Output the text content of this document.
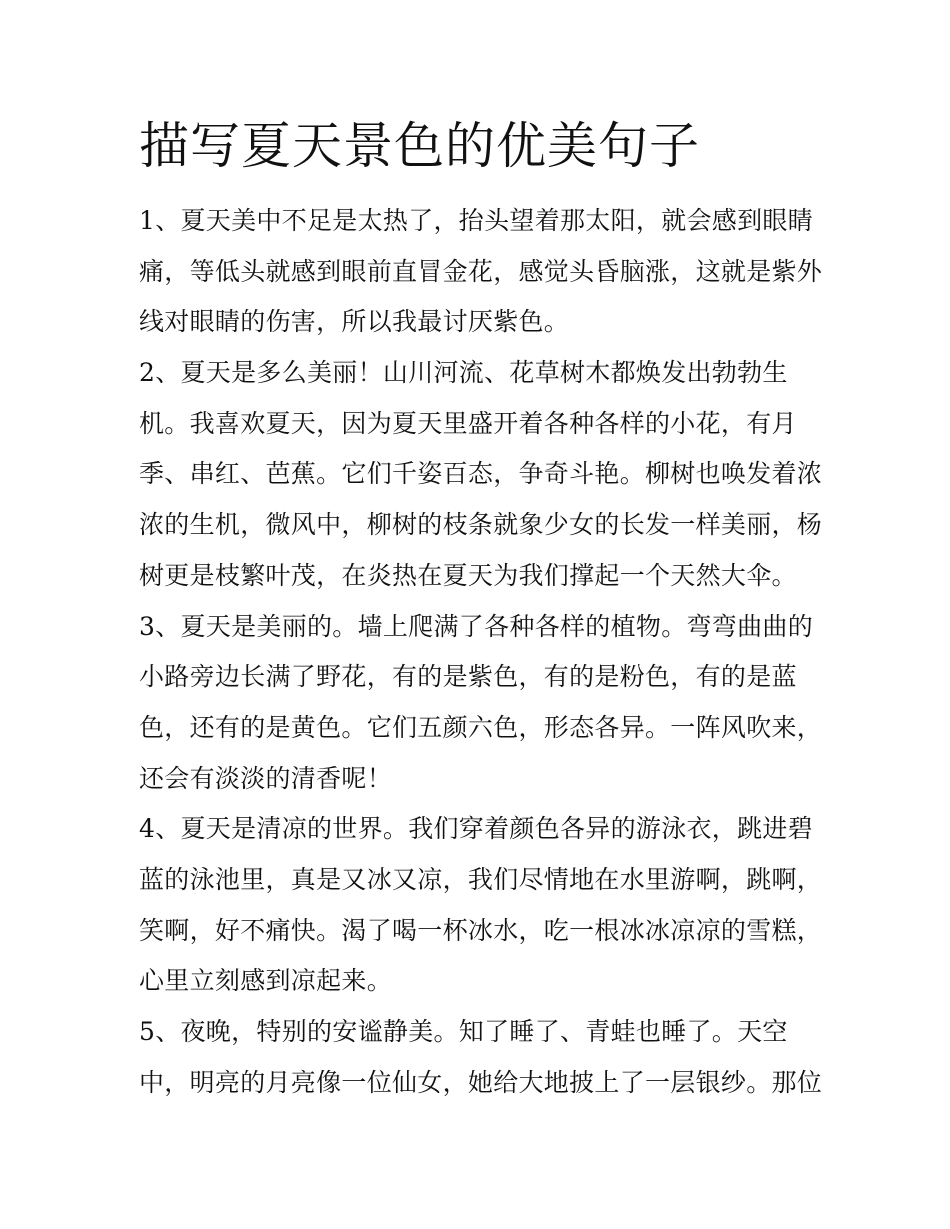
描写夏天景色的优美句子
1、夏天美中不足是太热了，抬头望着那太阳，就会感到眼睛
痛，等低头就感到眼前直冒金花，感觉头昏脑涨，这就是紫外
线对眼睛的伤害，所以我最讨厌紫色。
2、夏天是多么美丽！山川河流、花草树木都焕发出勃勃生
机。我喜欢夏天，因为夏天里盛开着各种各样的小花，有月
季、串红、芭蕉。它们千姿百态，争奇斗艳。柳树也唤发着浓
浓的生机，微风中，柳树的枝条就象少女的长发一样美丽，杨
树更是枝繁叶茂，在炎热在夏天为我们撑起一个天然大伞。
3、夏天是美丽的。墙上爬满了各种各样的植物。弯弯曲曲的
小路旁边长满了野花，有的是紫色，有的是粉色，有的是蓝
色，还有的是黄色。它们五颜六色，形态各异。一阵风吹来，
还会有淡淡的清香呢！
4、夏天是清凉的世界。我们穿着颜色各异的游泳衣，跳进碧
蓝的泳池里，真是又冰又凉，我们尽情地在水里游啊，跳啊，
笑啊，好不痛快。渴了喝一杯冰水，吃一根冰冰凉凉的雪糕，
心里立刻感到凉起来。
5、夜晚，特别的安谧静美。知了睡了、青蛙也睡了。天空
中，明亮的月亮像一位仙女，她给大地披上了一层银纱。那位
